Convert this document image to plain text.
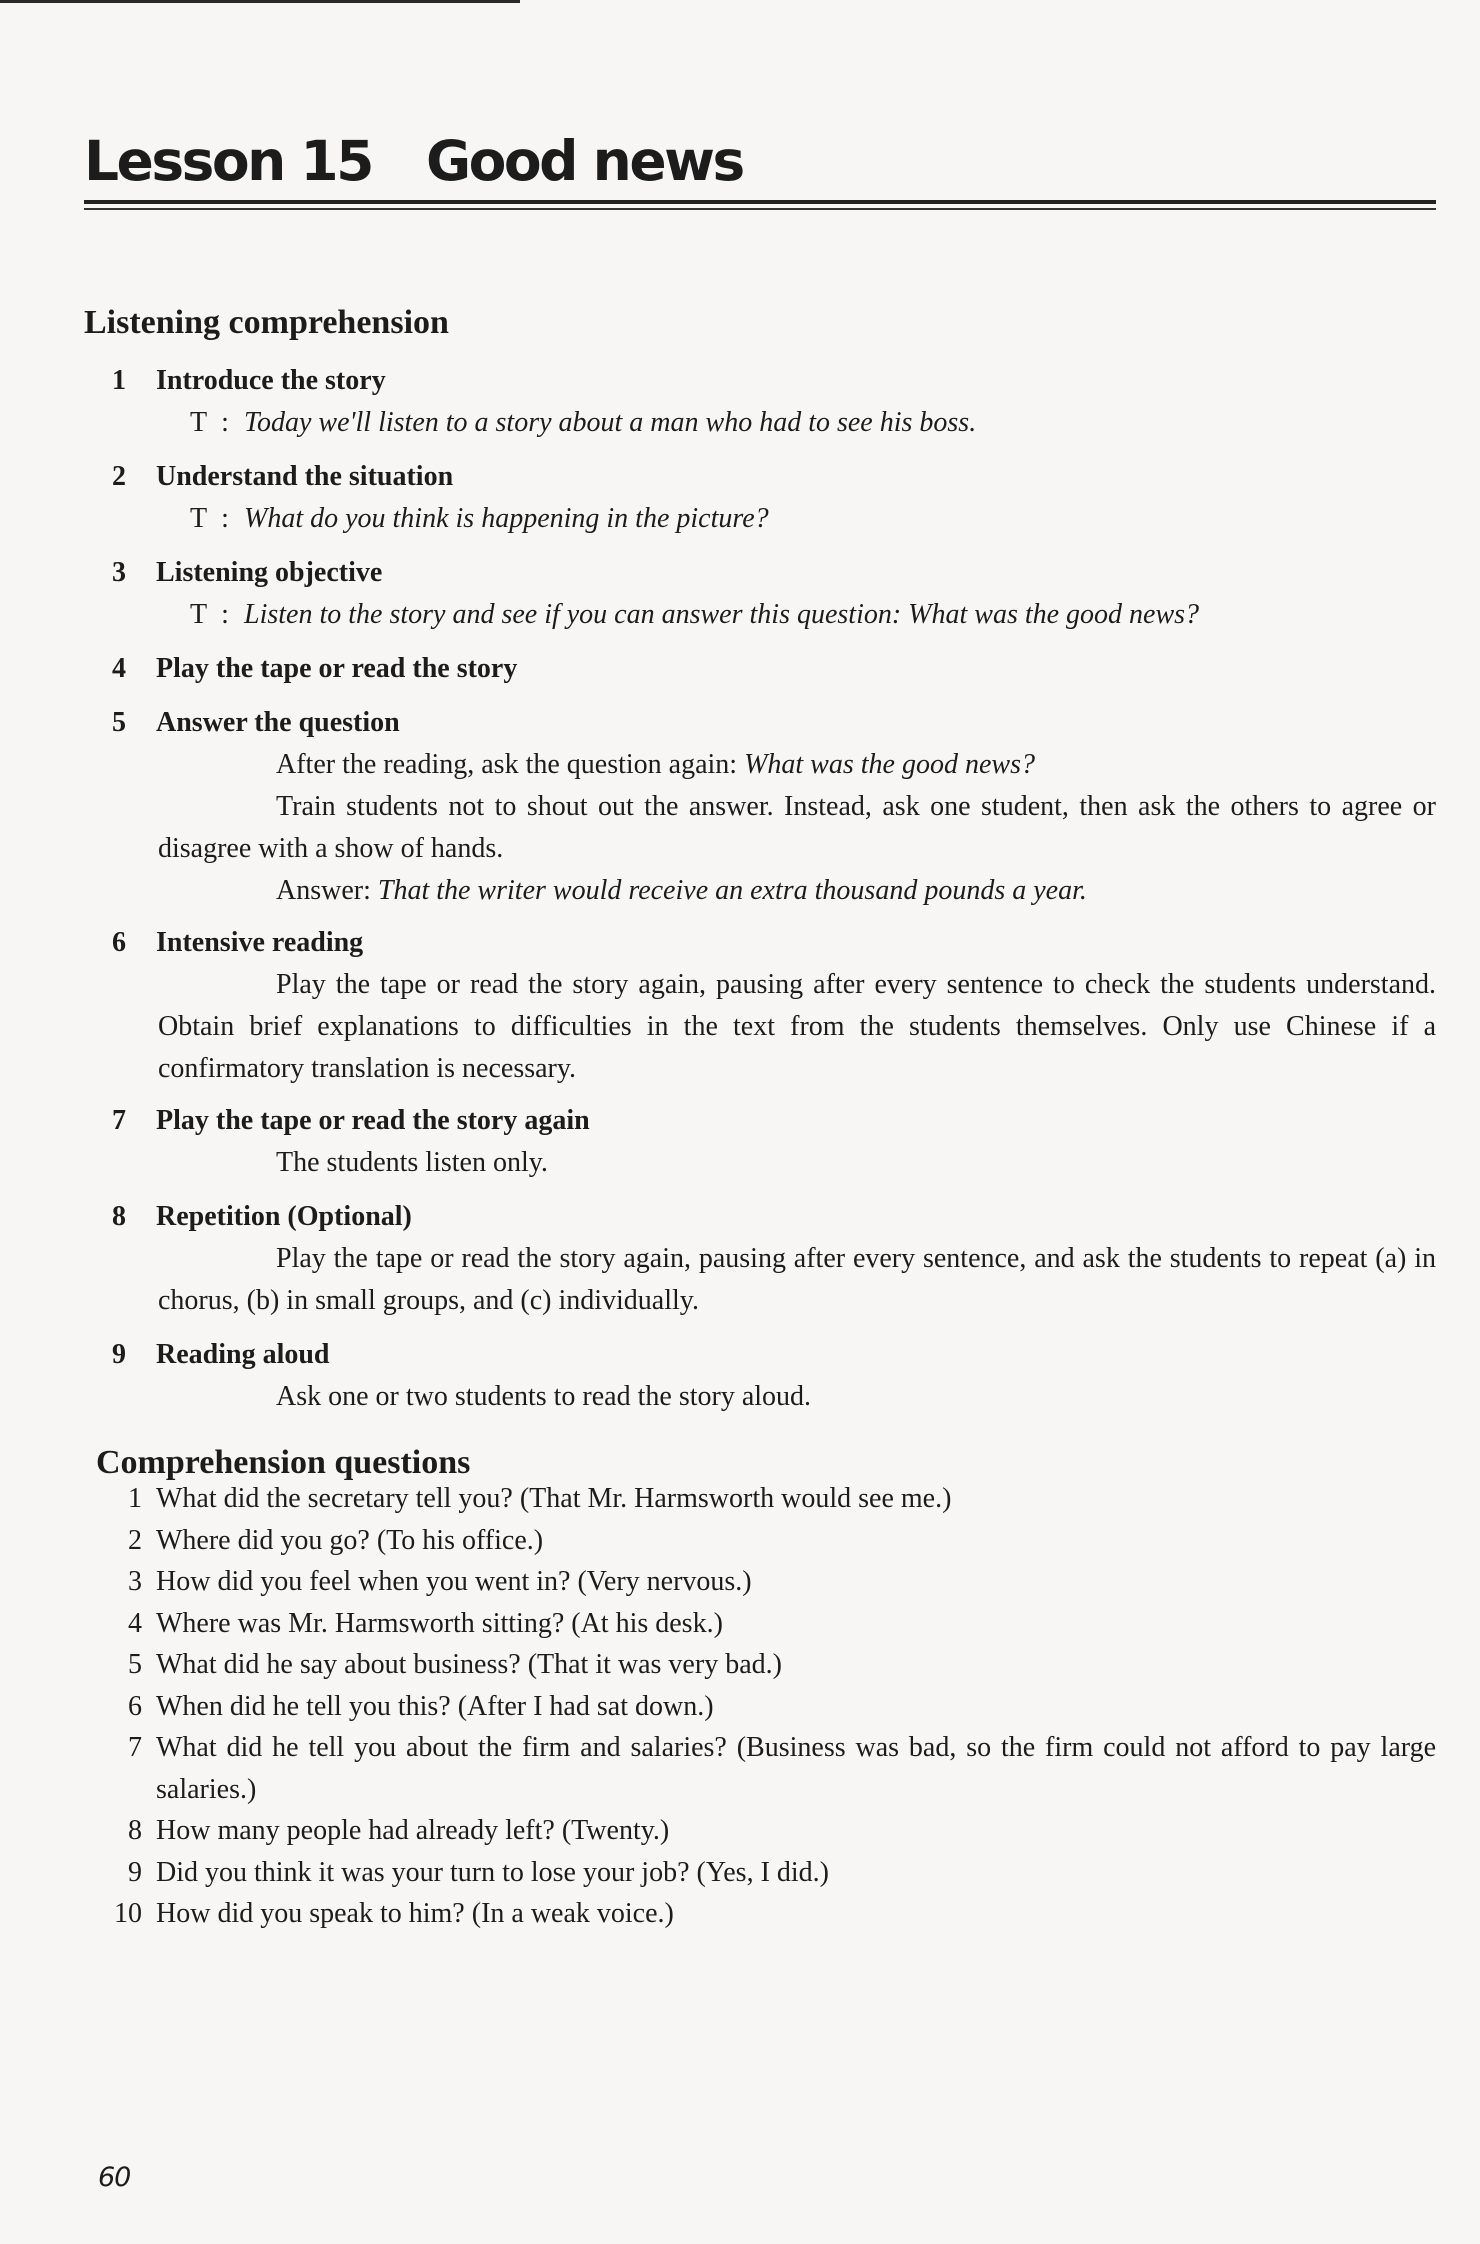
Lesson 15 Good news
Listening comprehension
1 Introduce the story
T : Today we'll listen to a story about a man who had to see his boss.
2 Understand the situation
T : What do you think is happening in the picture?
3 Listening objective
T : Listen to the story and see if you can answer this question: What was the good news?
4 Play the tape or read the story
5 Answer the question
After the reading, ask the question again: What was the good news?
Train students not to shout out the answer. Instead, ask one student, then ask the others to agree or disagree with a show of hands.
Answer: That the writer would receive an extra thousand pounds a year.
6 Intensive reading
Play the tape or read the story again, pausing after every sentence to check the students understand. Obtain brief explanations to difficulties in the text from the students themselves. Only use Chinese if a confirmatory translation is necessary.
7 Play the tape or read the story again
The students listen only.
8 Repetition (Optional)
Play the tape or read the story again, pausing after every sentence, and ask the students to repeat (a) in chorus, (b) in small groups, and (c) individually.
9 Reading aloud
Ask one or two students to read the story aloud.
Comprehension questions
1 What did the secretary tell you? (That Mr. Harmsworth would see me.)
2 Where did you go? (To his office.)
3 How did you feel when you went in? (Very nervous.)
4 Where was Mr. Harmsworth sitting? (At his desk.)
5 What did he say about business? (That it was very bad.)
6 When did he tell you this? (After I had sat down.)
7 What did he tell you about the firm and salaries? (Business was bad, so the firm could not afford to pay large salaries.)
8 How many people had already left? (Twenty.)
9 Did you think it was your turn to lose your job? (Yes, I did.)
10 How did you speak to him? (In a weak voice.)
60
